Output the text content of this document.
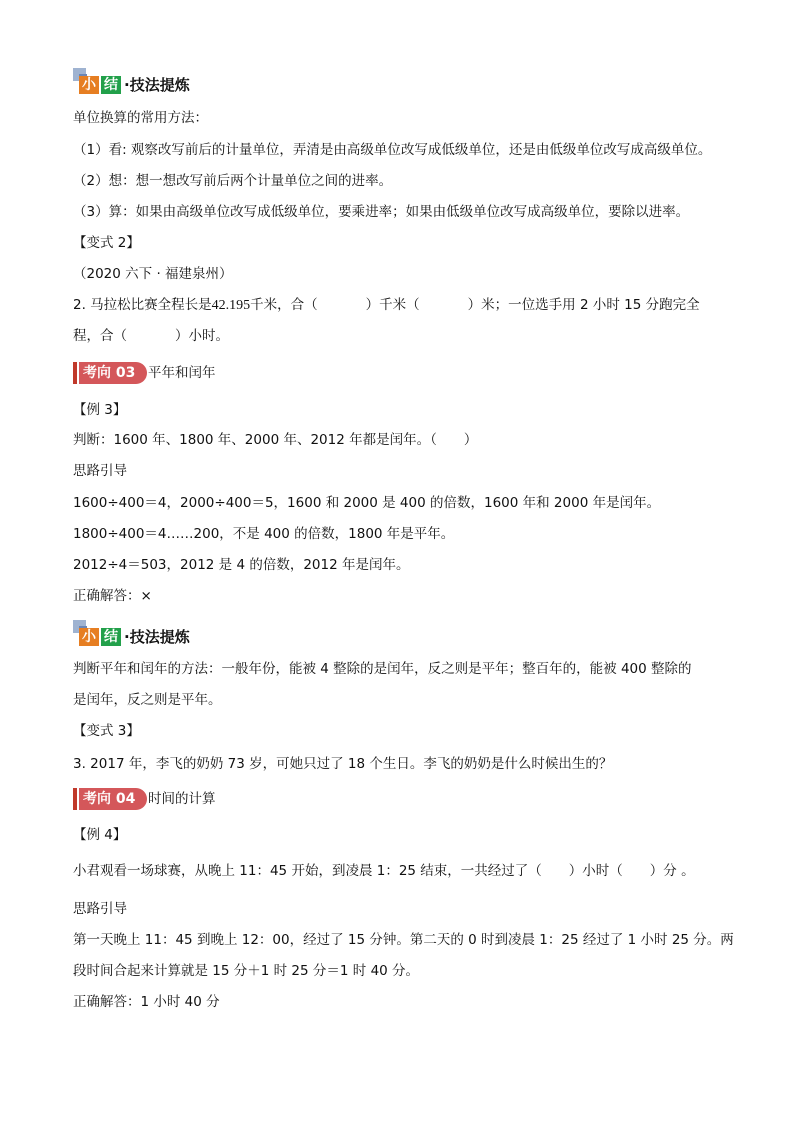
小 结 ·技法提炼
单位换算的常用方法：
（1）看: 观察改写前后的计量单位，弄清是由高级单位改写成低级单位，还是由低级单位改写成高级单位。
（2）想：想一想改写前后两个计量单位之间的进率。
（3）算：如果由高级单位改写成低级单位，要乘进率；如果由低级单位改写成高级单位，要除以进率。
【变式 2】
（2020 六下 · 福建泉州）
2. 马拉松比赛全程长是42.195千米，合（	）千米（	）米；一位选手用 2 小时 15 分跑完全
程，合（	）小时。
考向 03 平年和闰年
【例 3】
判断：1600 年、1800 年、2000 年、2012 年都是闰年。（　　）
思路引导
1600÷400＝4，2000÷400＝5，1600 和 2000 是 400 的倍数，1600 年和 2000 年是闰年。
1800÷400＝4……200，不是 400 的倍数，1800 年是平年。
2012÷4＝503，2012 是 4 的倍数，2012 年是闰年。
正确解答：×
小 结 ·技法提炼
判断平年和闰年的方法：一般年份，能被 4 整除的是闰年，反之则是平年；整百年的，能被 400 整除的
是闰年，反之则是平年。
【变式 3】
3. 2017 年，李飞的奶奶 73 岁，可她只过了 18 个生日。李飞的奶奶是什么时候出生的？
考向 04 时间的计算
【例 4】
小君观看一场球赛，从晚上 11：45 开始，到凌晨 1：25 结束，一共经过了（　　）小时（　　）分 。
思路引导
第一天晚上 11：45 到晚上 12：00，经过了 15 分钟。第二天的 0 时到凌晨 1：25 经过了 1 小时 25 分。两
段时间合起来计算就是 15 分＋1 时 25 分＝1 时 40 分。
正确解答：1 小时 40 分
